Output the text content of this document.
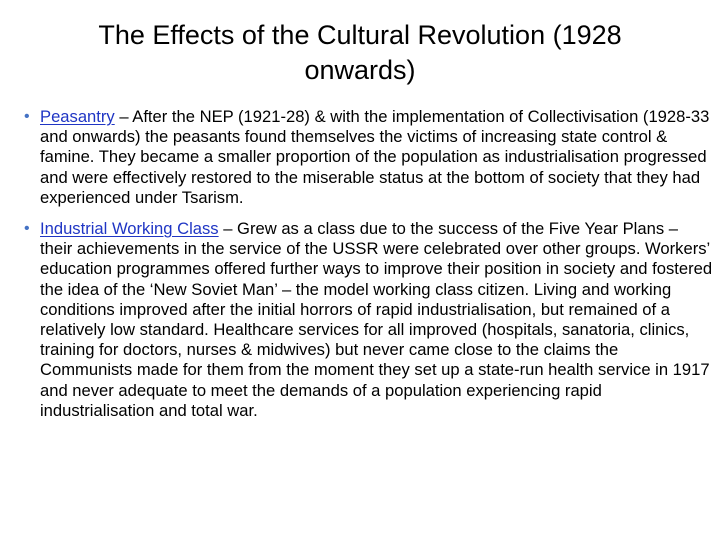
The Effects of the Cultural Revolution (1928 onwards)
• Peasantry – After the NEP (1921-28) & with the implementation of Collectivisation (1928-33 and onwards) the peasants found themselves the victims of increasing state control & famine. They became a smaller proportion of the population as industrialisation progressed and were effectively restored to the miserable status at the bottom of society that they had experienced under Tsarism.
• Industrial Working Class – Grew as a class due to the success of the Five Year Plans – their achievements in the service of the USSR were celebrated over other groups. Workers’ education programmes offered further ways to improve their position in society and fostered the idea of the ‘New Soviet Man’ – the model working class citizen. Living and working conditions improved after the initial horrors of rapid industrialisation, but remained of a relatively low standard. Healthcare services for all improved (hospitals, sanatoria, clinics, training for doctors, nurses & midwives) but never came close to the claims the Communists made for them from the moment they set up a state-run health service in 1917 and never adequate to meet the demands of a population experiencing rapid industrialisation and total war.
